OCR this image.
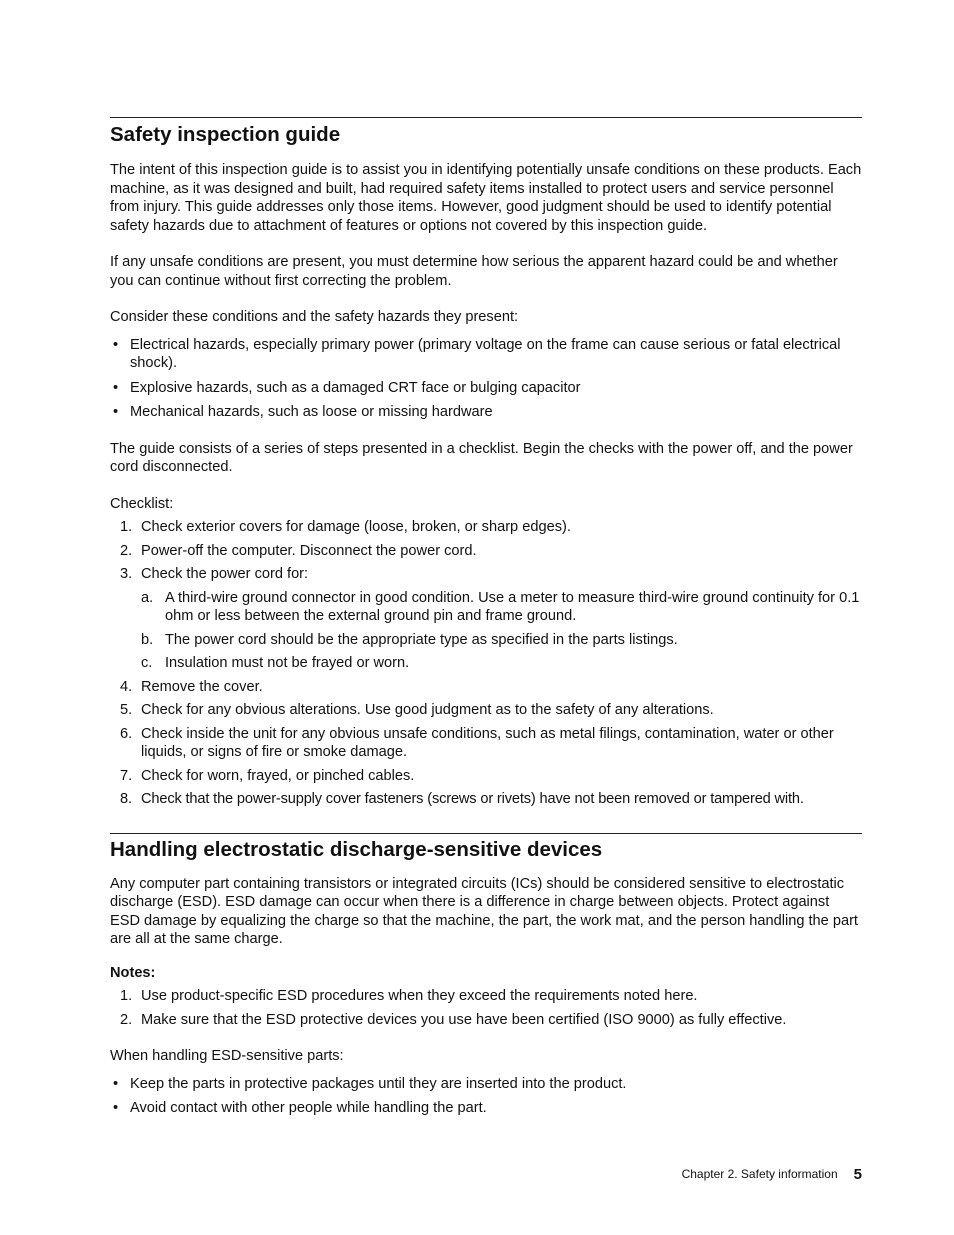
Safety inspection guide

The intent of this inspection guide is to assist you in identifying potentially unsafe conditions on these products. Each machine, as it was designed and built, had required safety items installed to protect users and service personnel from injury. This guide addresses only those items. However, good judgment should be used to identify potential safety hazards due to attachment of features or options not covered by this inspection guide.

If any unsafe conditions are present, you must determine how serious the apparent hazard could be and whether you can continue without first correcting the problem.

Consider these conditions and the safety hazards they present:

• Electrical hazards, especially primary power (primary voltage on the frame can cause serious or fatal electrical shock).
• Explosive hazards, such as a damaged CRT face or bulging capacitor
• Mechanical hazards, such as loose or missing hardware

The guide consists of a series of steps presented in a checklist. Begin the checks with the power off, and the power cord disconnected.

Checklist:

1. Check exterior covers for damage (loose, broken, or sharp edges).
2. Power-off the computer. Disconnect the power cord.
3. Check the power cord for:
a. A third-wire ground connector in good condition. Use a meter to measure third-wire ground continuity for 0.1 ohm or less between the external ground pin and frame ground.
b. The power cord should be the appropriate type as specified in the parts listings.
c. Insulation must not be frayed or worn.
4. Remove the cover.
5. Check for any obvious alterations. Use good judgment as to the safety of any alterations.
6. Check inside the unit for any obvious unsafe conditions, such as metal filings, contamination, water or other liquids, or signs of fire or smoke damage.
7. Check for worn, frayed, or pinched cables.
8. Check that the power-supply cover fasteners (screws or rivets) have not been removed or tampered with.
Handling electrostatic discharge-sensitive devices

Any computer part containing transistors or integrated circuits (ICs) should be considered sensitive to electrostatic discharge (ESD). ESD damage can occur when there is a difference in charge between objects. Protect against ESD damage by equalizing the charge so that the machine, the part, the work mat, and the person handling the part are all at the same charge.

Notes:

1. Use product-specific ESD procedures when they exceed the requirements noted here.
2. Make sure that the ESD protective devices you use have been certified (ISO 9000) as fully effective.

When handling ESD-sensitive parts:

• Keep the parts in protective packages until they are inserted into the product.
• Avoid contact with other people while handling the part.
Chapter 2. Safety information 5
